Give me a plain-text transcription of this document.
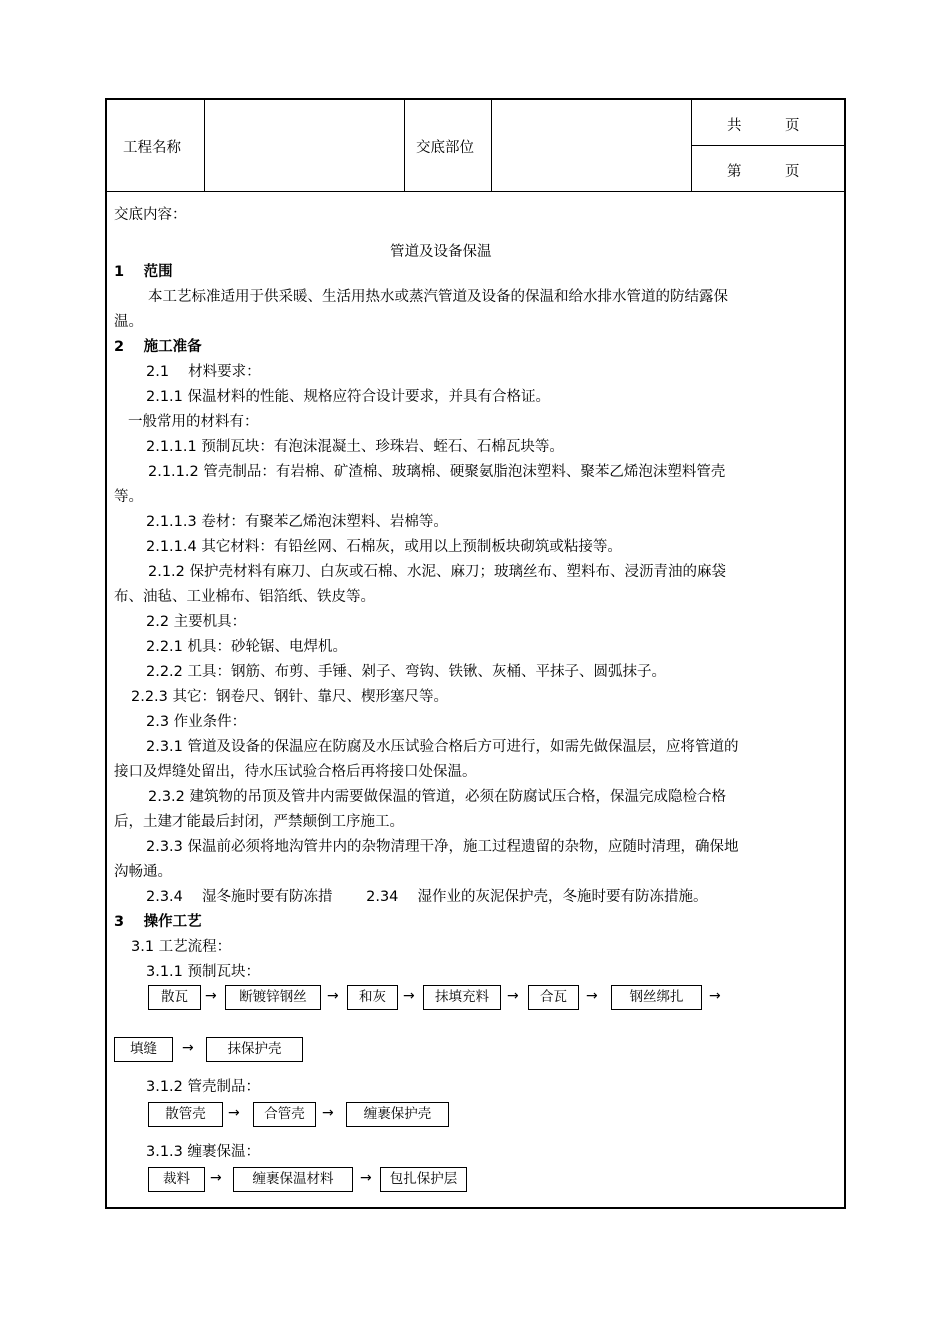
工程名称	交底部位
共　　　页
第　　　页
交底内容：
管道及设备保温
1　 范围
本工艺标准适用于供采暖、生活用热水或蒸汽管道及设备的保温和给水排水管道的防结露保
温。
2　 施工准备
2.1　 材料要求：
2.1.1 保温材料的性能、规格应符合设计要求，并具有合格证。
一般常用的材料有：
2.1.1.1 预制瓦块：有泡沫混凝土、珍珠岩、蛭石、石棉瓦块等。
2.1.1.2 管壳制品：有岩棉、矿渣棉、玻璃棉、硬聚氨脂泡沫塑料、聚苯乙烯泡沫塑料管壳
等。
2.1.1.3 卷材：有聚苯乙烯泡沫塑料、岩棉等。
2.1.1.4 其它材料：有铅丝网、石棉灰，或用以上预制板块砌筑或粘接等。
2.1.2 保护壳材料有麻刀、白灰或石棉、水泥、麻刀；玻璃丝布、塑料布、浸沥青油的麻袋
布、油毡、工业棉布、铝箔纸、铁皮等。
2.2 主要机具：
2.2.1 机具：砂轮锯、电焊机。
2.2.2 工具：钢筋、布剪、手锤、剁子、弯钩、铁锹、灰桶、平抹子、圆弧抹子。
2.2.3 其它：钢卷尺、钢针、靠尺、楔形塞尺等。
2.3 作业条件：
2.3.1 管道及设备的保温应在防腐及水压试验合格后方可进行，如需先做保温层，应将管道的
接口及焊缝处留出，待水压试验合格后再将接口处保温。
2.3.2 建筑物的吊顶及管井内需要做保温的管道，必须在防腐试压合格，保温完成隐检合格
后，土建才能最后封闭，严禁颠倒工序施工。
2.3.3 保温前必须将地沟管井内的杂物清理干净，施工过程遗留的杂物，应随时清理，确保地
沟畅通。
2.3.4　 湿冬施时要有防冻措　　 2.34　 湿作业的灰泥保护壳，冬施时要有防冻措施。
3　 操作工艺
3.1 工艺流程：
3.1.1 预制瓦块：
散瓦	→	断镀锌钢丝	→	和灰	→	抹填充料	→	合瓦	→	钢丝绑扎	→
填缝	→	抹保护壳
3.1.2 管壳制品：
散管壳	→	合管壳	→	缠裹保护壳
3.1.3 缠裹保温：
裁料	→	缠裹保温材料	→	包扎保护层
